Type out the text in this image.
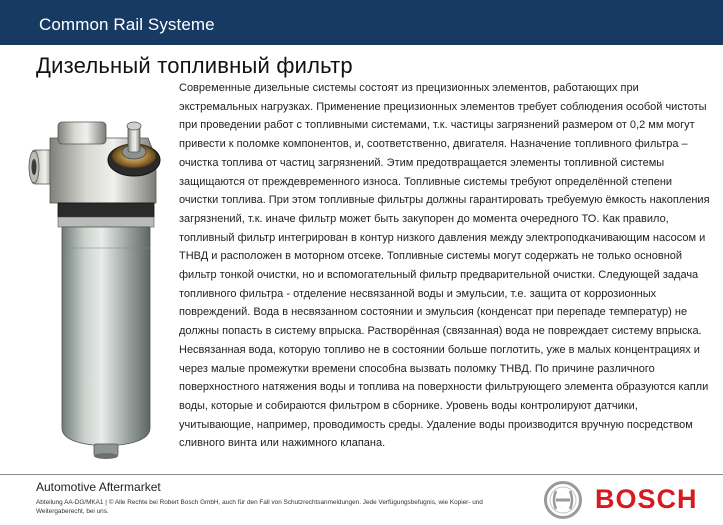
Common Rail Systeme
Дизельный топливный фильтр

Современные дизельные системы состоят из прецизионных элементов, работающих при экстремальных нагрузках. Применение прецизионных элементов требует соблюдения особой чистоты при проведении работ с топливными системами, т.к. частицы загрязнений размером от 0,2 мм могут привести к поломке компонентов, и, соответственно, двигателя. Назначение топливного фильтра – очистка топлива от частиц загрязнений. Этим предотвращается элементы топливной системы защищаются от преждевременного износа. Топливные системы требуют определённой степени очистки топлива. При этом топливные фильтры должны гарантировать требуемую ёмкость накопления загрязнений, т.к. иначе фильтр может быть закупорен до момента очередного ТО. Как правило, топливный фильтр интегрирован в контур низкого давления между электроподкачивающим насосом и ТНВД и расположен в моторном отсеке. Топливные системы могут содержать не только основной фильтр тонкой очистки, но и вспомогательный фильтр предварительной очистки. Следующей задача топливного фильтра - отделение несвязанной воды и эмульсии, т.е. защита от коррозионных повреждений. Вода в несвязанном состоянии и эмульсия (конденсат при перепаде температур) не должны попасть в систему впрыска. Растворённая (связанная) вода не повреждает систему впрыска. Несвязанная вода, которую топливо не в состоянии больше поглотить, уже в малых концентрациях и через малые промежутки времени способна вызвать поломку ТНВД. По причине различного поверхностного натяжения воды и топлива на поверхности фильтрующего элемента образуются капли воды, которые и собираются фильтром в сборнике. Уровень воды контролируют датчики, учитывающие, например, проводимость среды. Удаление воды производится вручную посредством сливного винта или нажимного клапана.

Automotive Aftermarket
Abteilung AA-DG/MKA1 | © Alle Rechte bei Robert Bosch GmbH, auch für den Fall von Schutzrechtsanmeldungen. Jede Verfügungsbefugnis, wie Kopier- und Weitergaberecht, bei uns.	BOSCH
